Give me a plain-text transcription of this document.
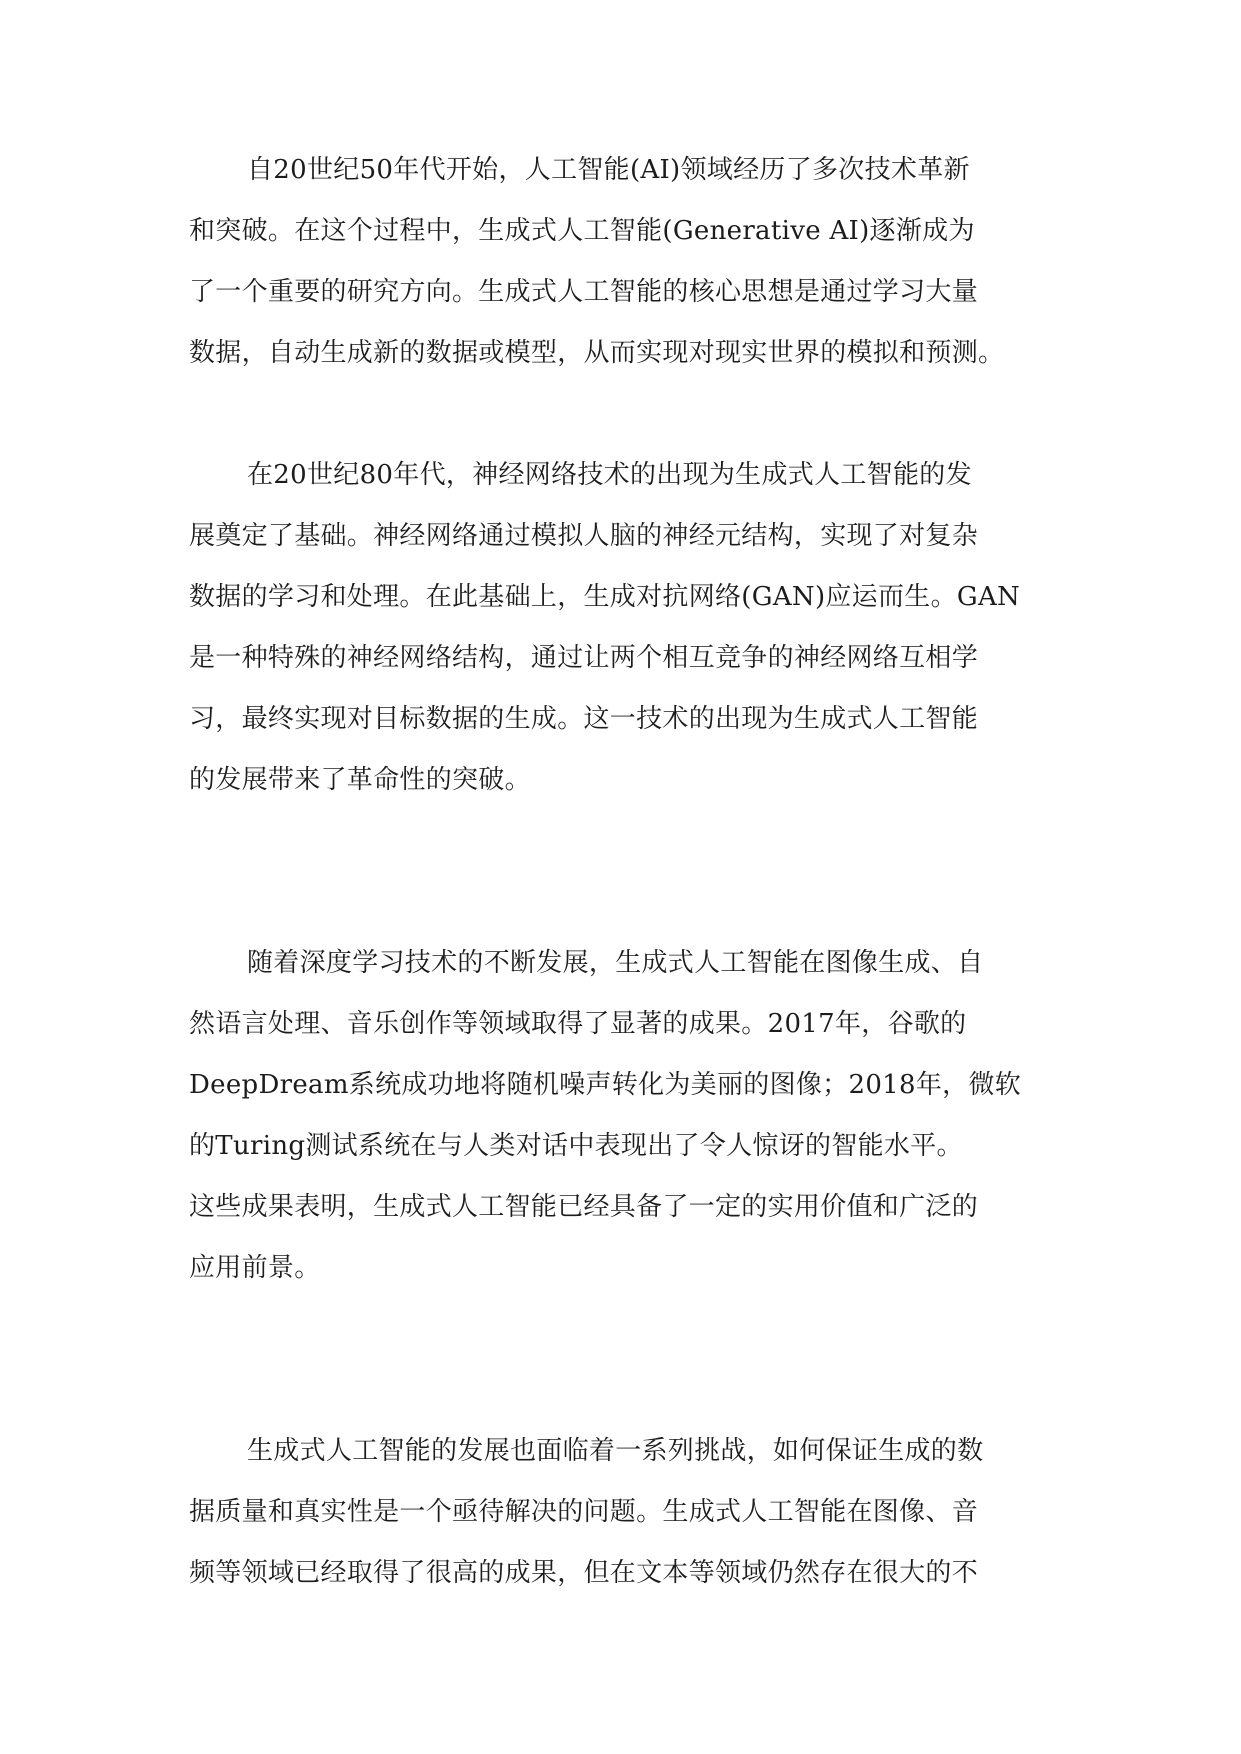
自20世纪50年代开始，人工智能(AI)领域经历了多次技术革新
和突破。在这个过程中，生成式人工智能(Generative AI)逐渐成为
了一个重要的研究方向。生成式人工智能的核心思想是通过学习大量
数据，自动生成新的数据或模型，从而实现对现实世界的模拟和预测。
在20世纪80年代，神经网络技术的出现为生成式人工智能的发
展奠定了基础。神经网络通过模拟人脑的神经元结构，实现了对复杂
数据的学习和处理。在此基础上，生成对抗网络(GAN)应运而生。GAN
是一种特殊的神经网络结构，通过让两个相互竞争的神经网络互相学
习，最终实现对目标数据的生成。这一技术的出现为生成式人工智能
的发展带来了革命性的突破。
随着深度学习技术的不断发展，生成式人工智能在图像生成、自
然语言处理、音乐创作等领域取得了显著的成果。2017年，谷歌的
DeepDream系统成功地将随机噪声转化为美丽的图像；2018年，微软
的Turing测试系统在与人类对话中表现出了令人惊讶的智能水平。
这些成果表明，生成式人工智能已经具备了一定的实用价值和广泛的
应用前景。
生成式人工智能的发展也面临着一系列挑战，如何保证生成的数
据质量和真实性是一个亟待解决的问题。生成式人工智能在图像、音
频等领域已经取得了很高的成果，但在文本等领域仍然存在很大的不
